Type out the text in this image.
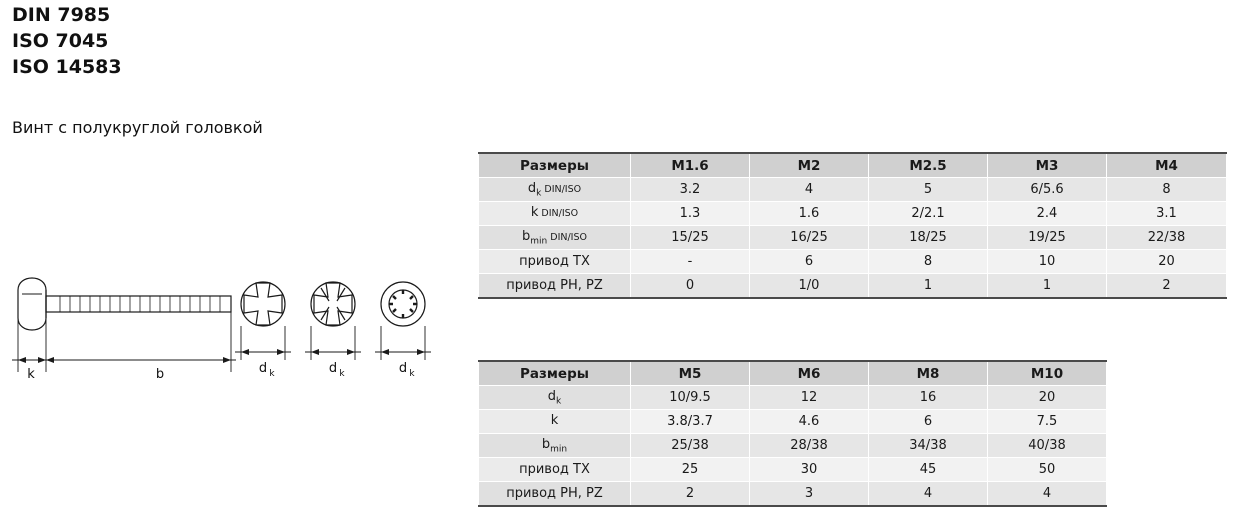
DIN 7985
ISO 7045
ISO 14583
Винт с полукруглой головкой
k	b	d k	d k	d k
Размеры	M1.6	M2	M2.5	M3	M4
$d_k$ DIN/ISO	3.2	4	5	6/5.6	8
k DIN/ISO	1.3	1.6	2/2.1	2.4	3.1
$b_{min}$ DIN/ISO	15/25	16/25	18/25	19/25	22/38
привод TX	-	6	8	10	20
привод PH, PZ	0	1/0	1	1	2
Размеры	M5	M6	M8	M10	
$d_k$	10/9.5	12	16	20	
k	3.8/3.7	4.6	6	7.5	
$b_{min}$	25/38	28/38	34/38	40/38	
привод TX	25	30	45	50	
привод PH, PZ	2	3	4	4	
